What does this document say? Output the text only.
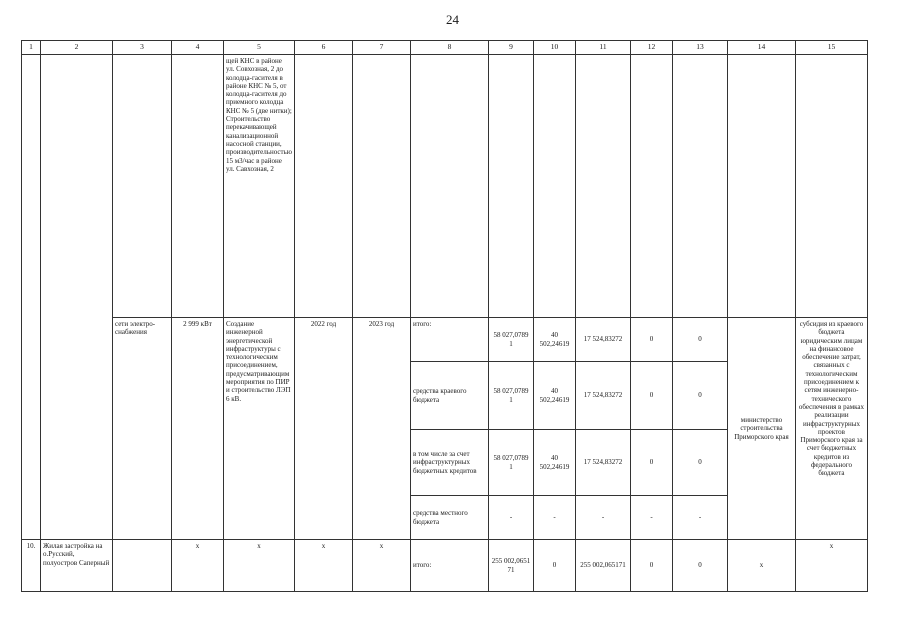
24
1	2	3	4	5	6	7	8	9	10	11	12	13	14	15
				щей КНС в районе ул. Совхозная, 2 до колодца-гасителя в районе КНС № 5, от колодца-гасителя до приемного колодца КНС № 5 (две нитки); Строительство перекачивающей канализационной насосной станции, производительностью 15 м3/час в районе ул. Савхозная, 2										
		сети электро-снабжения	2 999 кВт	Создание инженерной энергетической инфраструктуры с технологическим присоединением, предусматривающим мероприятия по ПИР и строительство ЛЭП 6 кВ.	2022 год	2023 год	итого:	58 027,0789 1	40 502,24619	17 524,83272	0	0	министерство строительства Приморского края	субсидия из краевого бюджета юридическим лицам на финансовое обеспечение затрат, связанных с технологическим присоединением к сетям инженерно-технического обеспечения в рамках реализации инфраструктурных проектов Приморского края за счет бюджетных кредитов из федерального бюджета
							средства краевого бюджета	58 027,0789 1	40 502,24619	17 524,83272	0	0		
							в том числе за счет инфраструктурных бюджетных кредитов	58 027,0789 1	40 502,24619	17 524,83272	0	0		
							средства местного бюджета	-	-	-	-	-		
10.	Жилая застройка на о.Русский, полуостров Саперный		х	х	х	х	итого:	255 002,0651 71	0	255 002,065171	0	0	х	х
